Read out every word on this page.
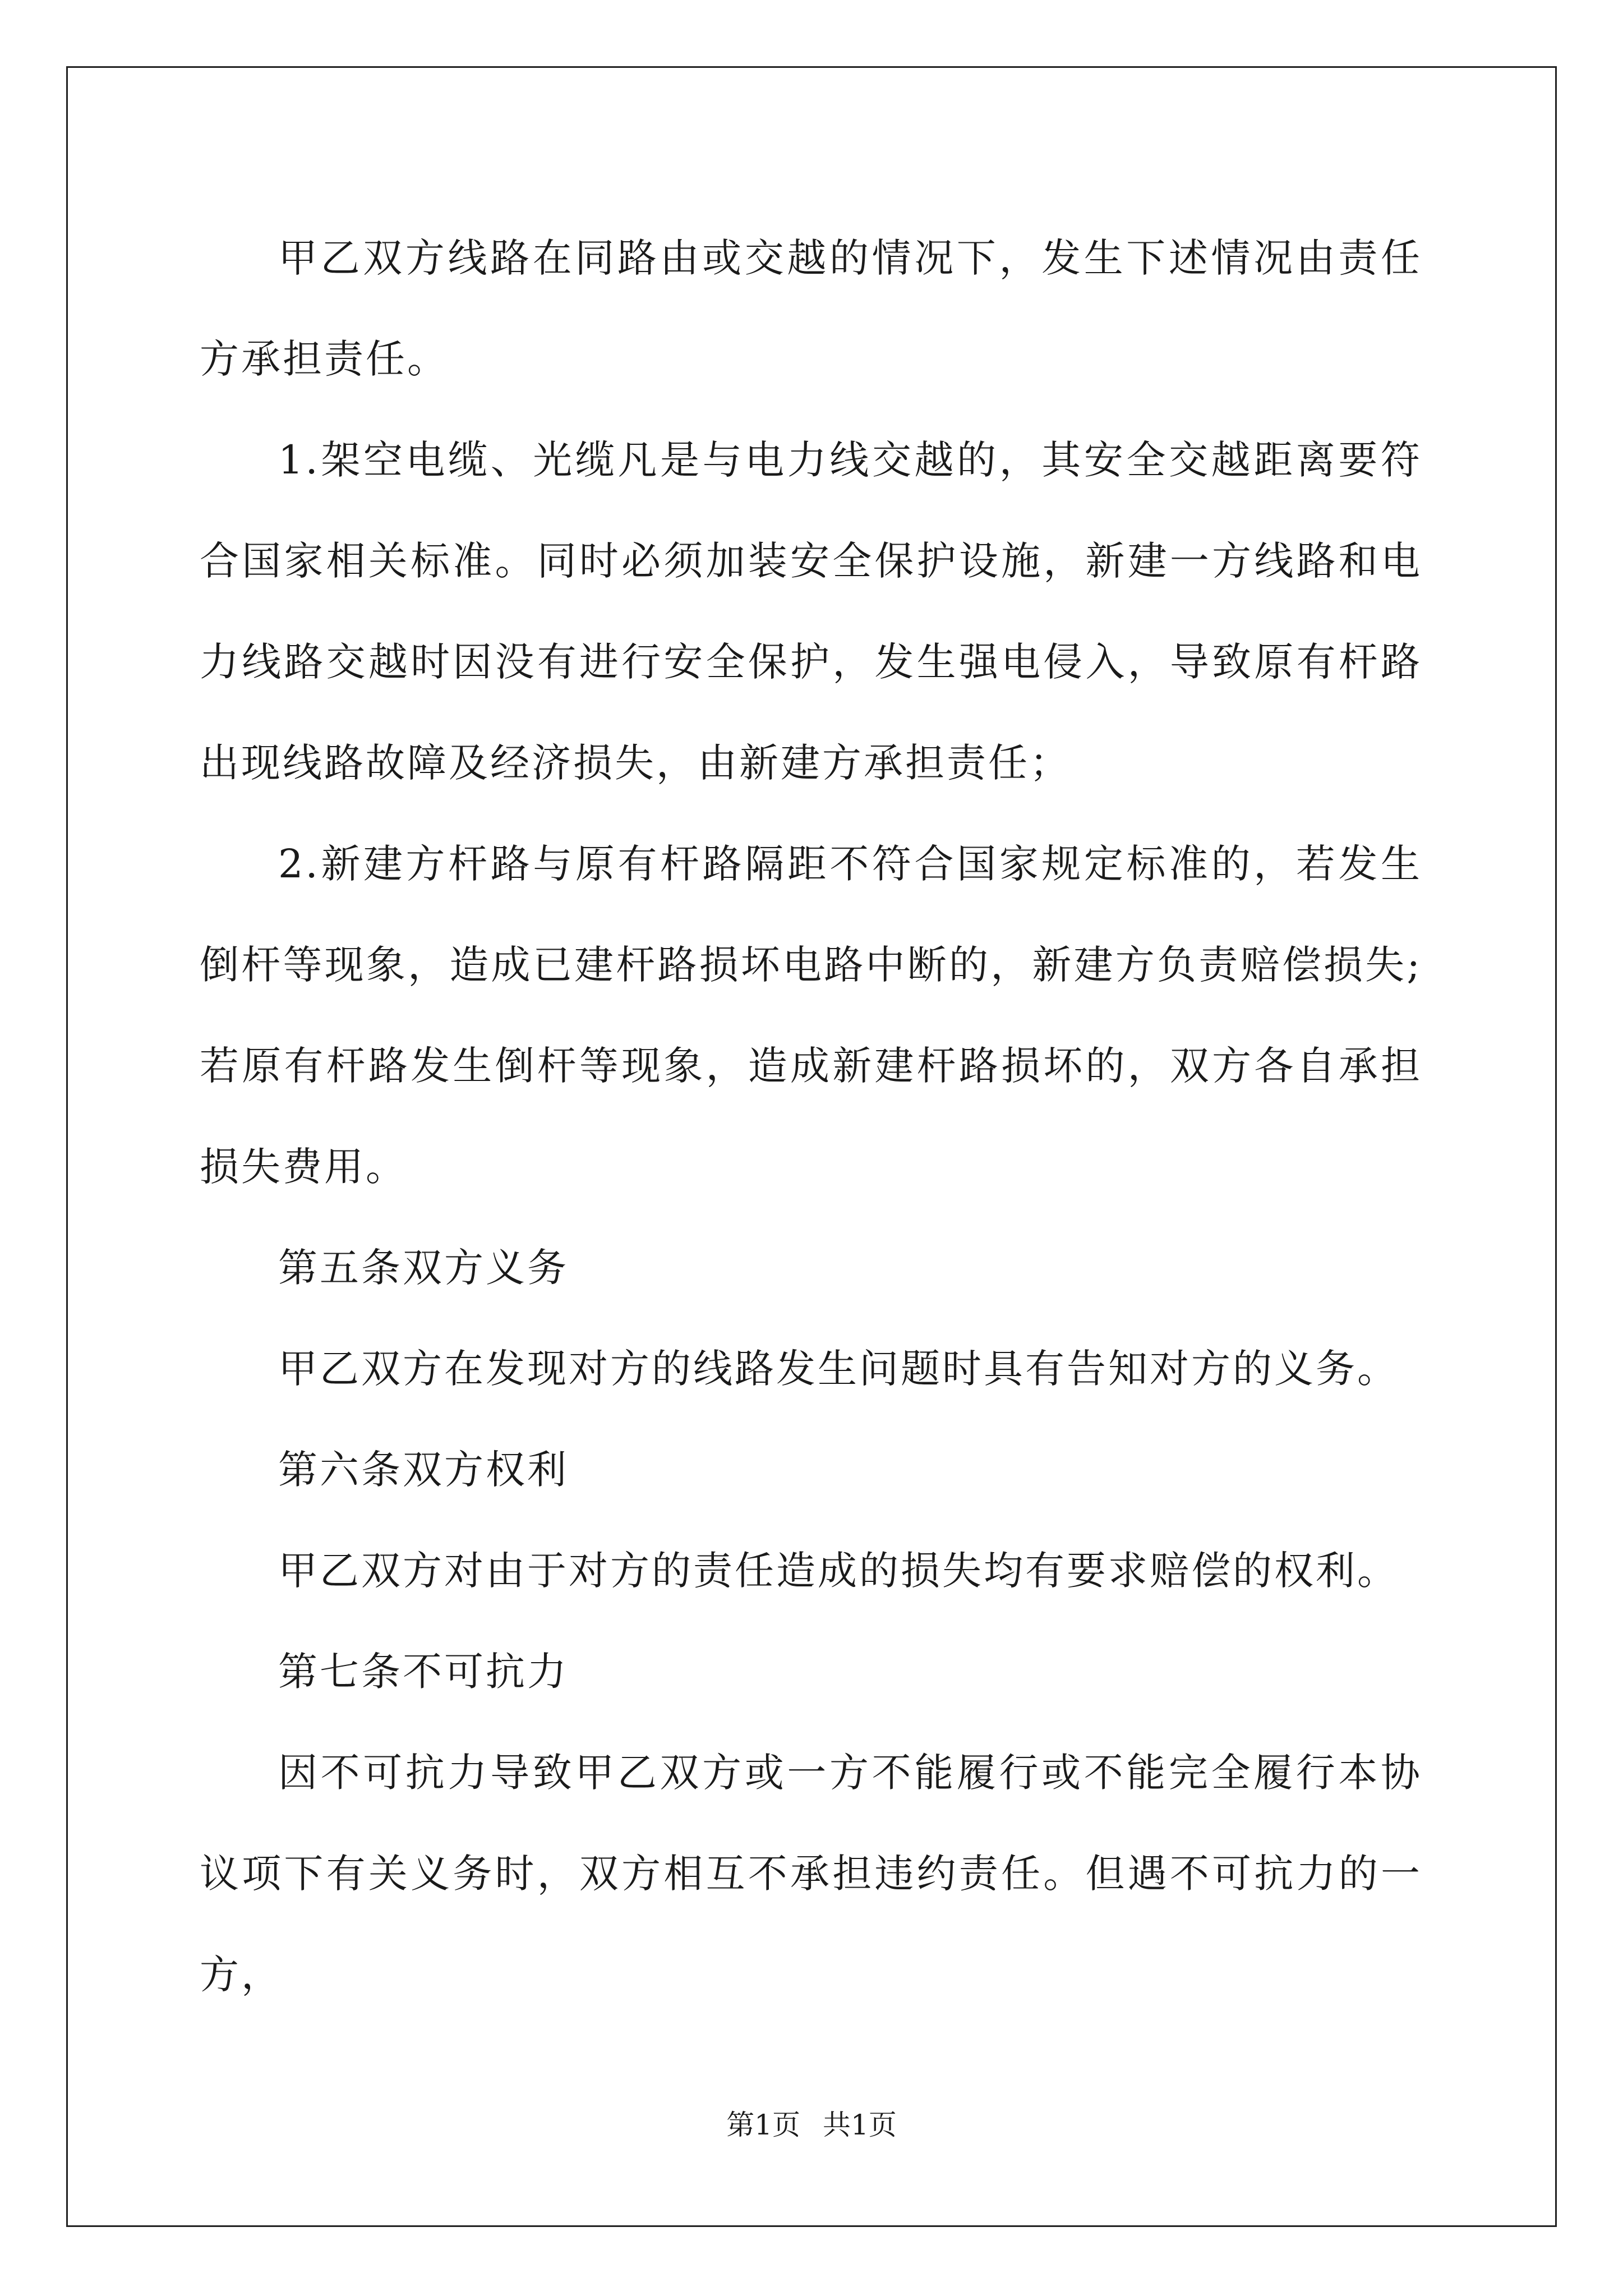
甲乙双方线路在同路由或交越的情况下，发生下述情况由责任方承担责任。

1.架空电缆、光缆凡是与电力线交越的，其安全交越距离要符合国家相关标准。同时必须加装安全保护设施，新建一方线路和电力线路交越时因没有进行安全保护，发生强电侵入，导致原有杆路出现线路故障及经济损失，由新建方承担责任；

2.新建方杆路与原有杆路隔距不符合国家规定标准的，若发生倒杆等现象，造成已建杆路损坏电路中断的，新建方负责赔偿损失;若原有杆路发生倒杆等现象，造成新建杆路损坏的，双方各自承担损失费用。

第五条双方义务

甲乙双方在发现对方的线路发生问题时具有告知对方的义务。

第六条双方权利

甲乙双方对由于对方的责任造成的损失均有要求赔偿的权利。

第七条不可抗力

因不可抗力导致甲乙双方或一方不能履行或不能完全履行本协议项下有关义务时，双方相互不承担违约责任。但遇不可抗力的一方，

第1页 共1页
